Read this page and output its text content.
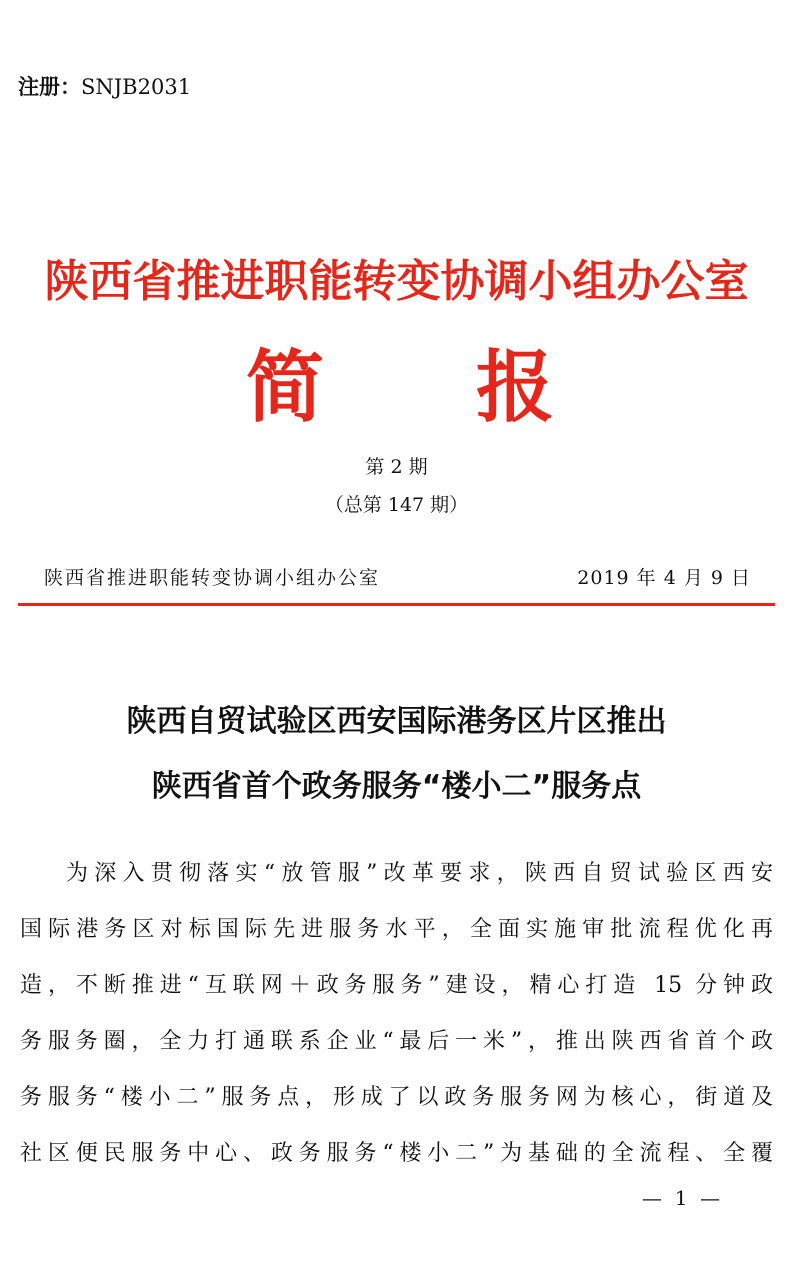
注册：SNJB2031
陕西省推进职能转变协调小组办公室
简 报
第 2 期
（总第 147 期）
陕西省推进职能转变协调小组办公室	2019 年 4 月 9 日
陕西自贸试验区西安国际港务区片区推出
陕西省首个政务服务“楼小二”服务点
为深入贯彻落实“放管服”改革要求，陕西自贸试验区西安
国际港务区对标国际先进服务水平，全面实施审批流程优化再
造，不断推进“互联网＋政务服务”建设，精心打造 15 分钟政
务服务圈，全力打通联系企业“最后一米”，推出陕西省首个政
务服务“楼小二”服务点，形成了以政务服务网为核心，街道及
社区便民服务中心、政务服务“楼小二”为基础的全流程、全覆
—  1  —
